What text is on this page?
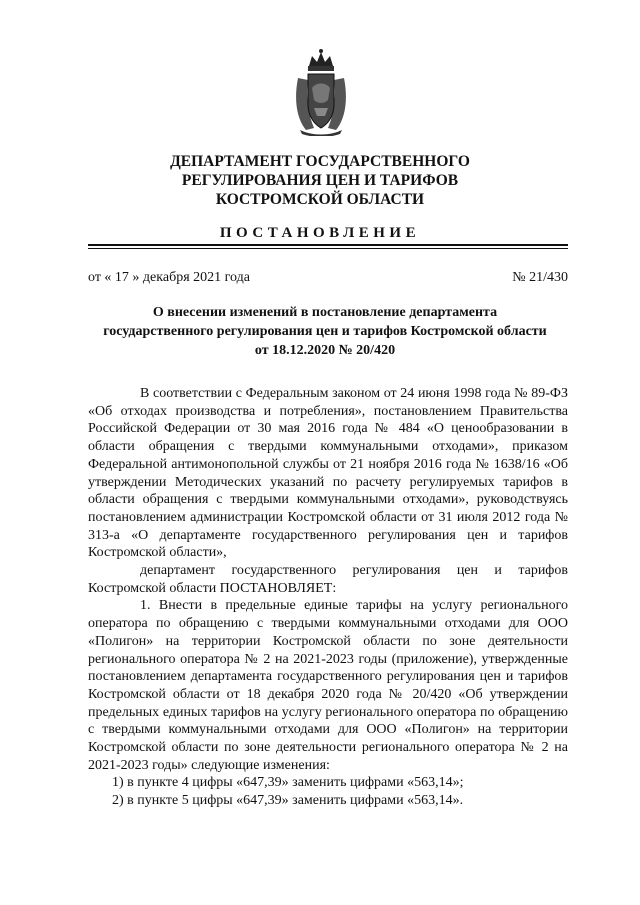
ДЕПАРТАМЕНТ ГОСУДАРСТВЕННОГО
РЕГУЛИРОВАНИЯ ЦЕН И ТАРИФОВ
КОСТРОМСКОЙ ОБЛАСТИ
ПОСТАНОВЛЕНИЕ
от « 17 » декабря 2021 года	№ 21/430
О внесении изменений в постановление департамента
государственного регулирования цен и тарифов Костромской области
от 18.12.2020 № 20/420

В соответствии с Федеральным законом от 24 июня 1998 года № 89-ФЗ «Об отходах производства и потребления», постановлением Правительства Российской Федерации от 30 мая 2016 года № 484 «О ценообразовании в области обращения с твердыми коммунальными отходами», приказом Федеральной антимонопольной службы от 21 ноября 2016 года № 1638/16 «Об утверждении Методических указаний по расчету регулируемых тарифов в области обращения с твердыми коммунальными отходами», руководствуясь постановлением администрации Костромской области от 31 июля 2012 года № 313-а «О департаменте государственного регулирования цен и тарифов Костромской области»,

департамент государственного регулирования цен и тарифов Костромской области ПОСТАНОВЛЯЕТ:

1. Внести в предельные единые тарифы на услугу регионального оператора по обращению с твердыми коммунальными отходами для ООО «Полигон» на территории Костромской области по зоне деятельности регионального оператора № 2 на 2021-2023 годы (приложение), утвержденные постановлением департамента государственного регулирования цен и тарифов Костромской области от 18 декабря 2020 года № 20/420 «Об утверждении предельных единых тарифов на услугу регионального оператора по обращению с твердыми коммунальными отходами для ООО «Полигон» на территории Костромской области по зоне деятельности регионального оператора № 2 на 2021-2023 годы» следующие изменения:

1) в пункте 4 цифры «647,39» заменить цифрами «563,14»;

2) в пункте 5 цифры «647,39» заменить цифрами «563,14».
